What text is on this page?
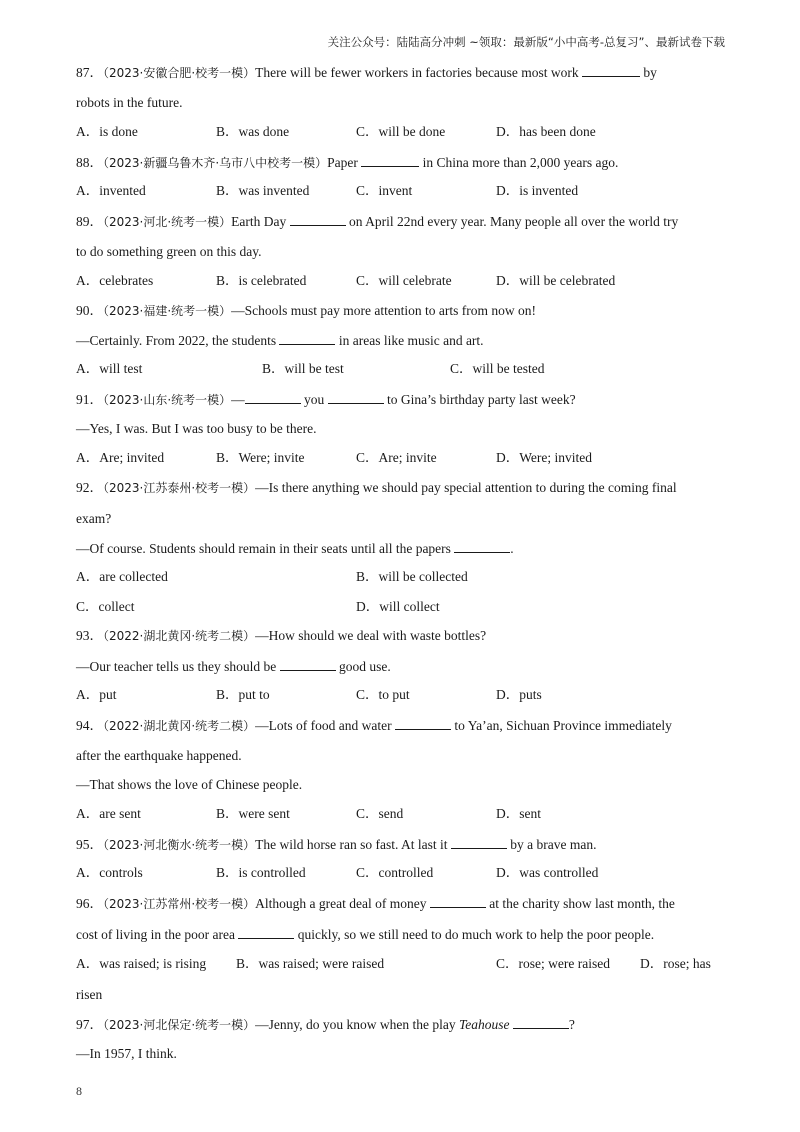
关注公众号：陆陆高分冲刺 ~领取：最新版“小中高考-总复习”、最新试卷下载
87．（2023·安徽合肥·校考一模）There will be fewer workers in factories because most work	by
robots in the future.
A．is done	B．was done	C．will be done	D．has been done
88．（2023·新疆乌鲁木齐·乌市八中校考一模）Paper	in China more than 2,000 years ago.
A．invented	B．was invented	C．invent	D．is invented
89．（2023·河北·统考一模）Earth Day	on April 22nd every year. Many people all over the world try
to do something green on this day.
A．celebrates	B．is celebrated	C．will celebrate	D．will be celebrated
90．（2023·福建·统考一模）—Schools must pay more attention to arts from now on!
—Certainly. From 2022, the students	in areas like music and art.
A．will test	B．will be test	C．will be tested
91．（2023·山东·统考一模）—	you	to Gina’s birthday party last week?
—Yes, I was. But I was too busy to be there.
A．Are; invited	B．Were; invite	C．Are; invite	D．Were; invited
92．（2023·江苏泰州·校考一模）—Is there anything we should pay special attention to during the coming final
exam?
—Of course. Students should remain in their seats until all the papers	.
A．are collected	B．will be collected
C．collect	D．will collect
93．（2022·湖北黄冈·统考二模）—How should we deal with waste bottles?
—Our teacher tells us they should be	good use.
A．put	B．put to	C．to put	D．puts
94．（2022·湖北黄冈·统考二模）—Lots of food and water	to Ya’an, Sichuan Province immediately
after the earthquake happened.
—That shows the love of Chinese people.
A．are sent	B．were sent	C．send	D．sent
95．（2023·河北衡水·统考一模）The wild horse ran so fast. At last it	by a brave man.
A．controls	B．is controlled	C．controlled	D．was controlled
96．（2023·江苏常州·校考一模）Although a great deal of money	at the charity show last month, the
cost of living in the poor area	quickly, so we still need to do much work to help the poor people.
A．was raised; is rising B．was raised; were raised	C．rose; were raised D．rose; has
risen
97．（2023·河北保定·统考一模）—Jenny, do you know when the play Teahouse	?
—In 1957, I think.
8
